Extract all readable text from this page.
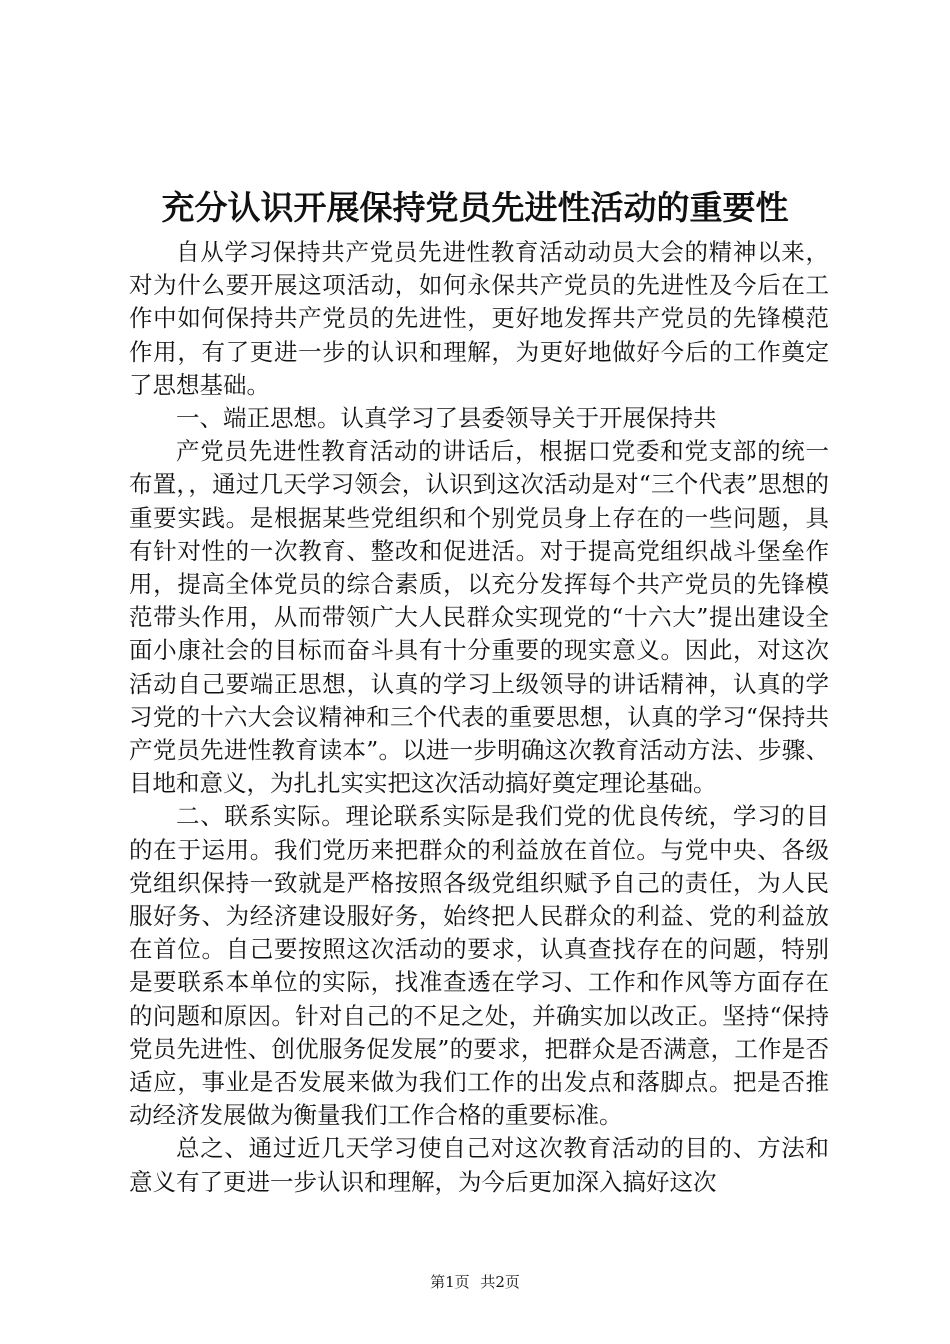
充分认识开展保持党员先进性活动的重要性

自从学习保持共产党员先进性教育活动动员大会的精神以来，对为什么要开展这项活动，如何永保共产党员的先进性及今后在工作中如何保持共产党员的先进性，更好地发挥共产党员的先锋模范作用，有了更进一步的认识和理解，为更好地做好今后的工作奠定了思想基础。

一、端正思想。认真学习了县委领导关于开展保持共

产党员先进性教育活动的讲话后，根据口党委和党支部的统一布置，，通过几天学习领会，认识到这次活动是对“三个代表”思想的重要实践。是根据某些党组织和个别党员身上存在的一些问题，具有针对性的一次教育、整改和促进活。对于提高党组织战斗堡垒作用，提高全体党员的综合素质，以充分发挥每个共产党员的先锋模范带头作用，从而带领广大人民群众实现党的“十六大”提出建设全面小康社会的目标而奋斗具有十分重要的现实意义。因此，对这次活动自己要端正思想，认真的学习上级领导的讲话精神，认真的学习党的十六大会议精神和三个代表的重要思想，认真的学习“保持共产党员先进性教育读本”。以进一步明确这次教育活动方法、步骤、目地和意义，为扎扎实实把这次活动搞好奠定理论基础。

二、联系实际。理论联系实际是我们党的优良传统，学习的目的在于运用。我们党历来把群众的利益放在首位。与党中央、各级党组织保持一致就是严格按照各级党组织赋予自己的责任，为人民服好务、为经济建设服好务，始终把人民群众的利益、党的利益放在首位。自己要按照这次活动的要求，认真查找存在的问题，特别是要联系本单位的实际，找准查透在学习、工作和作风等方面存在的问题和原因。针对自己的不足之处，并确实加以改正。坚持“保持党员先进性、创优服务促发展”的要求，把群众是否满意，工作是否适应，事业是否发展来做为我们工作的出发点和落脚点。把是否推动经济发展做为衡量我们工作合格的重要标准。

总之、通过近几天学习使自己对这次教育活动的目的、方法和意义有了更进一步认识和理解，为今后更加深入搞好这次

第1页 共2页
